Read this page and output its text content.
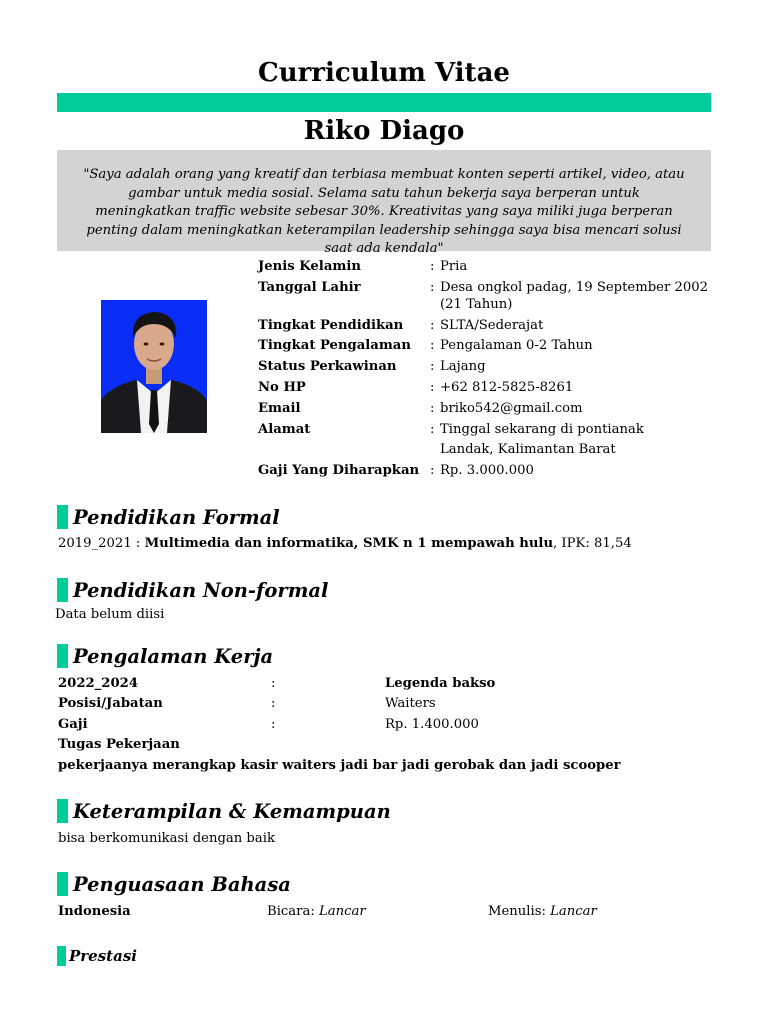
Curriculum Vitae
Riko Diago
"Saya adalah orang yang kreatif dan terbiasa membuat konten seperti artikel, video, atau gambar untuk media sosial. Selama satu tahun bekerja saya berperan untuk meningkatkan traffic website sebesar 30%. Kreativitas yang saya miliki juga berperan penting dalam meningkatkan keterampilan leadership sehingga saya bisa mencari solusi saat ada kendala"
Jenis Kelamin	: Pria
Tanggal Lahir	: Desa ongkol padag, 19 September 2002
(21 Tahun)
Tingkat Pendidikan	: SLTA/Sederajat
Tingkat Pengalaman	: Pengalaman 0-2 Tahun
Status Perkawinan	: Lajang
No HP	: +62 812-5825-8261
Email	: briko542@gmail.com
Alamat	: Tinggal sekarang di pontianak
Landak, Kalimantan Barat
Gaji Yang Diharapkan : Rp. 3.000.000
Pendidikan Formal
2019_2021 : Multimedia dan informatika, SMK n 1 mempawah hulu, IPK: 81,54
Pendidikan Non-formal
Data belum diisi
Pengalaman Kerja
2022_2024	:	Legenda bakso
Posisi/Jabatan	:	Waiters
Gaji	:	Rp. 1.400.000
Tugas Pekerjaan
pekerjaanya merangkap kasir waiters jadi bar jadi gerobak dan jadi scooper
Keterampilan & Kemampuan
bisa berkomunikasi dengan baik
Penguasaan Bahasa
Indonesia	Bicara: Lancar	Menulis: Lancar
Prestasi
